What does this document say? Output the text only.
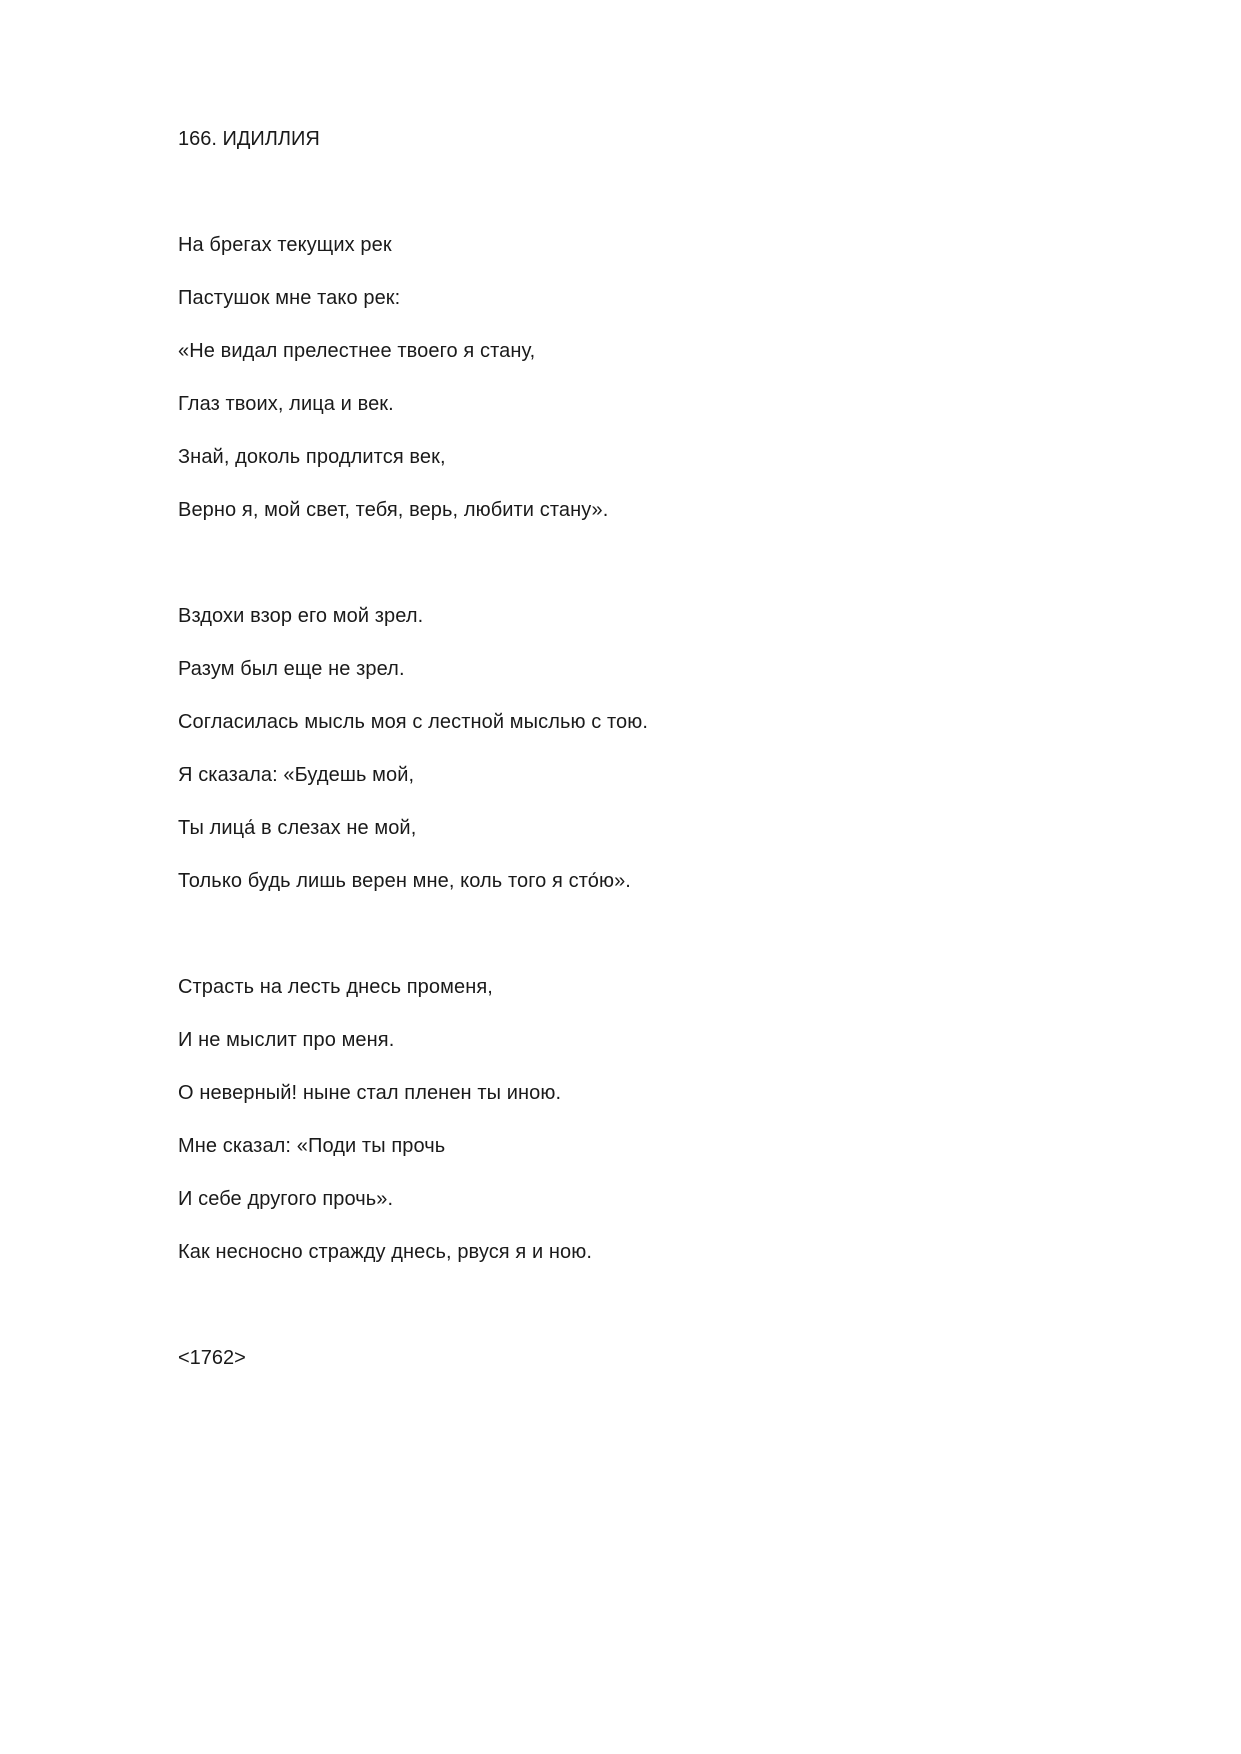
166. ИДИЛЛИЯ
На брегах текущих рек
Пастушок мне тако рек:
«Не видал прелестнее твоего я стану,
Глаз твоих, лица и век.
Знай, доколь продлится век,
Верно я, мой свет, тебя, верь, любити стану».
Вздохи взор его мой зрел.
Разум был еще не зрел.
Согласилась мысль моя с лестной мыслью с тою.
Я сказала: «Будешь мой,
Ты лица́ в слезах не мой,
Только будь лишь верен мне, коль того я сто́ю».
Страсть на лесть днесь променя,
И не мыслит про меня.
О неверный! ныне стал пленен ты иною.
Мне сказал: «Поди ты прочь
И себе другого прочь».
Как несносно стражду днесь, рвуся я и ною.
<1762>
